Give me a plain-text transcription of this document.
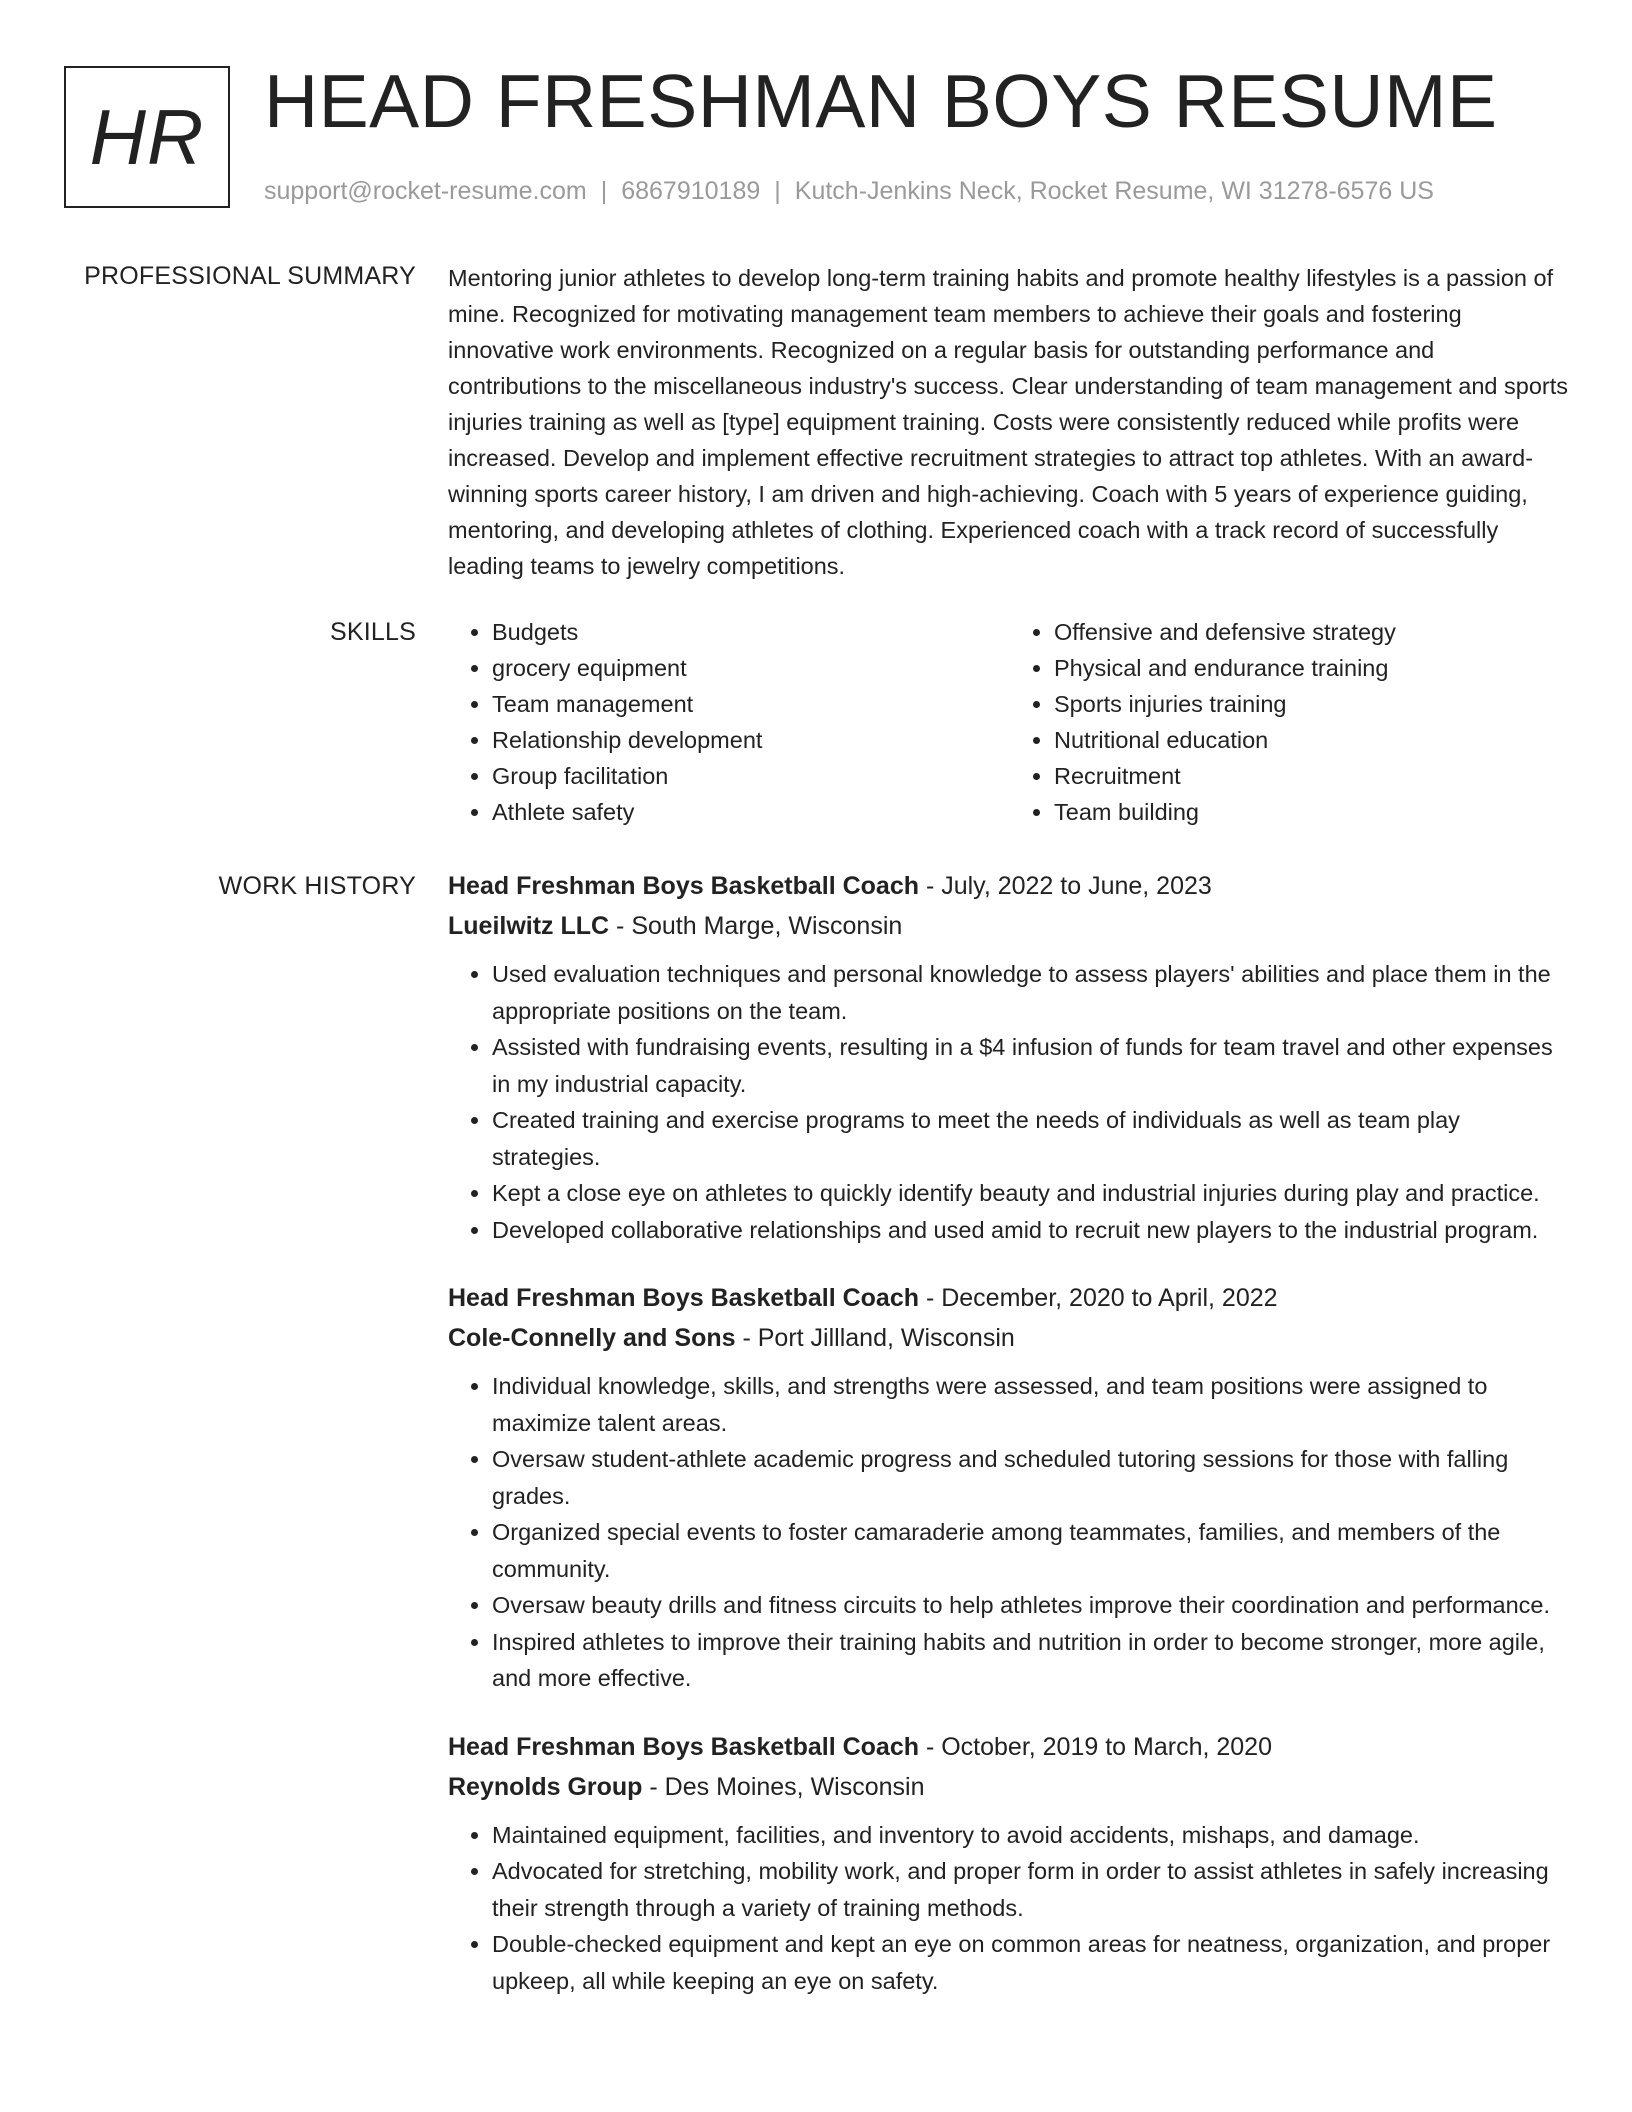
HR HEAD FRESHMAN BOYS RESUME
support@rocket-resume.com | 6867910189 | Kutch-Jenkins Neck, Rocket Resume, WI 31278-6576 US
PROFESSIONAL SUMMARY Mentoring junior athletes to develop long-term training habits and promote healthy lifestyles is a passion of mine. Recognized for motivating management team members to achieve their goals and fostering innovative work environments. Recognized on a regular basis for outstanding performance and contributions to the miscellaneous industry's success. Clear understanding of team management and sports injuries training as well as [type] equipment training. Costs were consistently reduced while profits were increased. Develop and implement effective recruitment strategies to attract top athletes. With an award-winning sports career history, I am driven and high-achieving. Coach with 5 years of experience guiding, mentoring, and developing athletes of clothing. Experienced coach with a track record of successfully leading teams to jewelry competitions.

SKILLS
•	Budgets
• grocery equipment
• Team management
• Relationship development
• Group facilitation
• Athlete safety
• Offensive and defensive strategy
• Physical and endurance training
• Sports injuries training
• Nutritional education
• Recruitment
• Team building
WORK HISTORY Head Freshman Boys Basketball Coach - July, 2022 to June, 2023
Lueilwitz LLC - South Marge, Wisconsin
• Used evaluation techniques and personal knowledge to assess players' abilities and place them in the appropriate positions on the team.
• Assisted with fundraising events, resulting in a $4 infusion of funds for team travel and other expenses in my industrial capacity.
• Created training and exercise programs to meet the needs of individuals as well as team play strategies.
• Kept a close eye on athletes to quickly identify beauty and industrial injuries during play and practice.
• Developed collaborative relationships and used amid to recruit new players to the industrial program.
Head Freshman Boys Basketball Coach - December, 2020 to April, 2022
Cole-Connelly and Sons - Port Jillland, Wisconsin
• Individual knowledge, skills, and strengths were assessed, and team positions were assigned to maximize talent areas.
• Oversaw student-athlete academic progress and scheduled tutoring sessions for those with falling grades.
• Organized special events to foster camaraderie among teammates, families, and members of the community.
• Oversaw beauty drills and fitness circuits to help athletes improve their coordination and performance.
• Inspired athletes to improve their training habits and nutrition in order to become stronger, more agile, and more effective.
Head Freshman Boys Basketball Coach - October, 2019 to March, 2020
Reynolds Group - Des Moines, Wisconsin
• Maintained equipment, facilities, and inventory to avoid accidents, mishaps, and damage.
• Advocated for stretching, mobility work, and proper form in order to assist athletes in safely increasing their strength through a variety of training methods.
• Double-checked equipment and kept an eye on common areas for neatness, organization, and proper upkeep, all while keeping an eye on safety.
